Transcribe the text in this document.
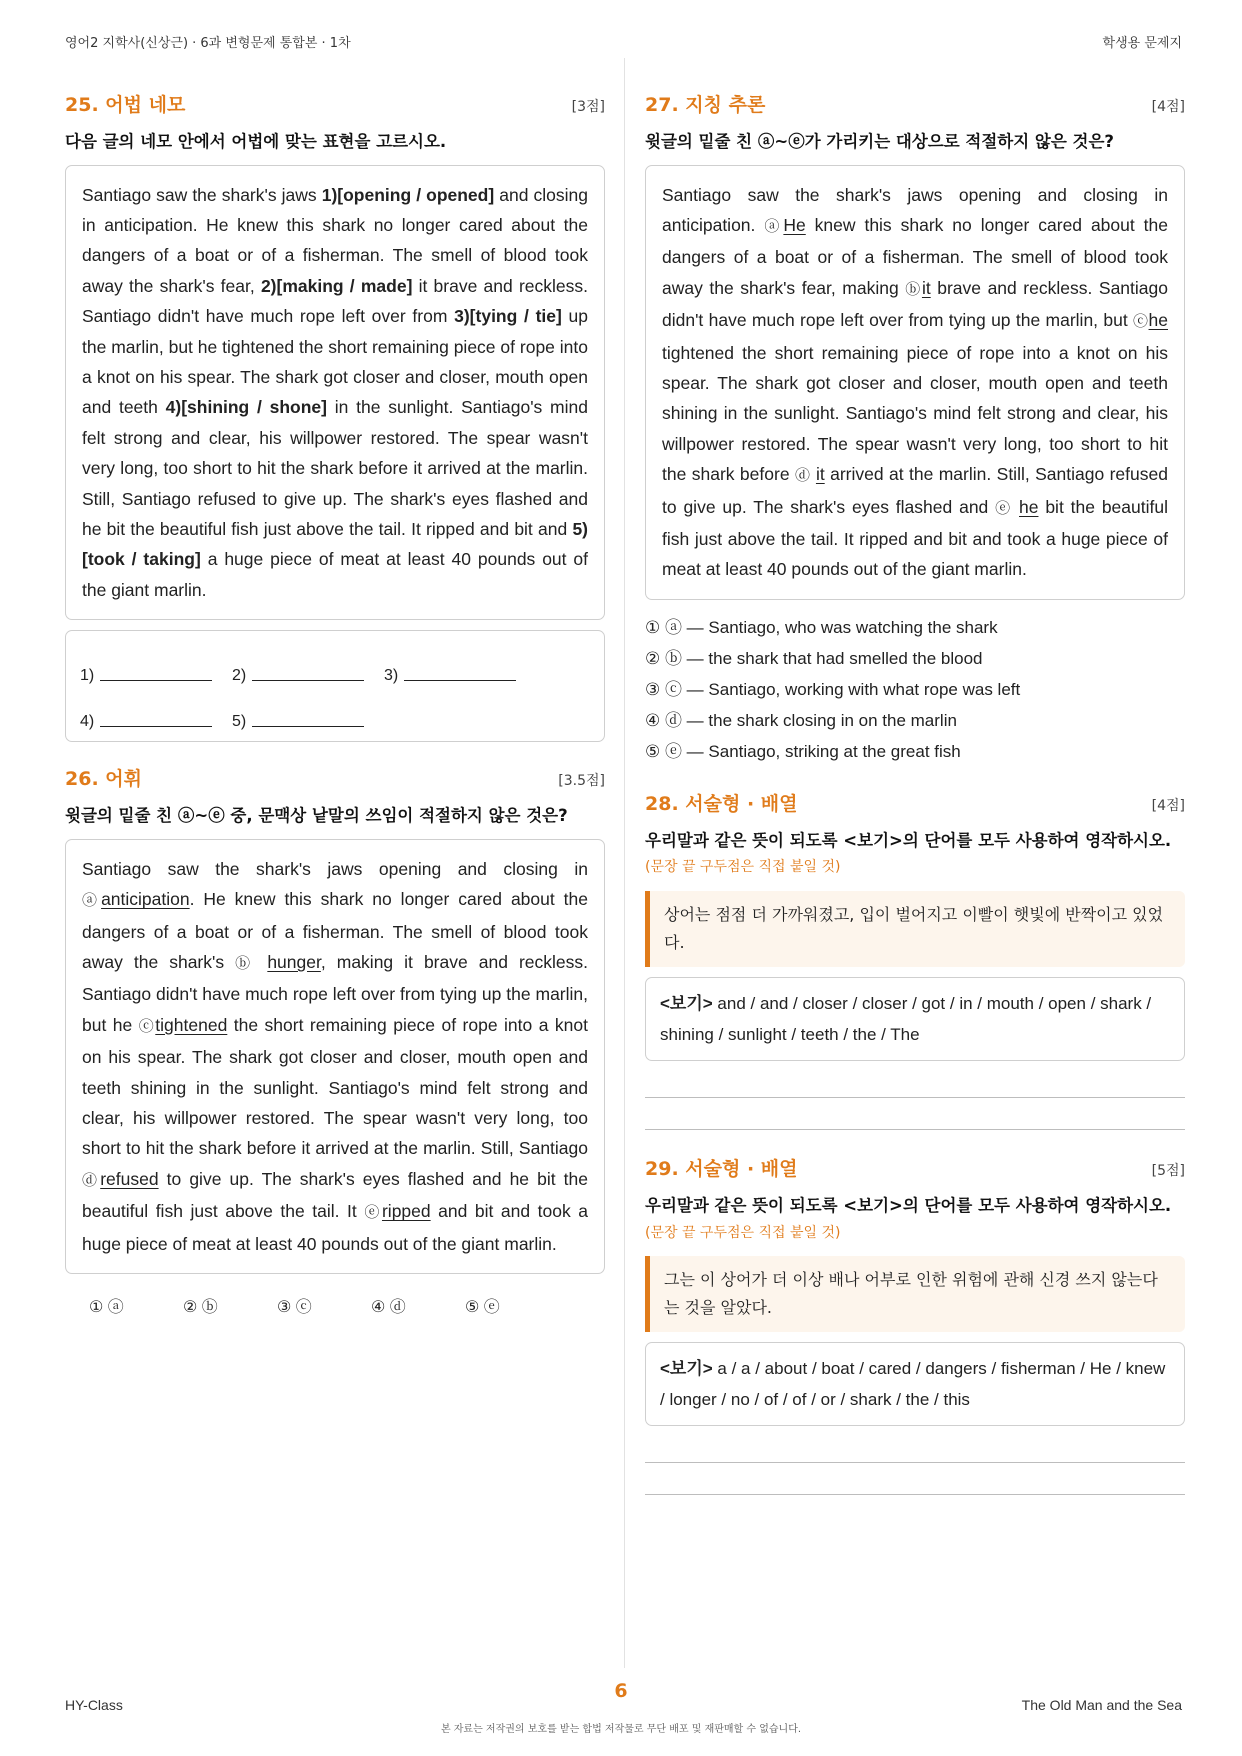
영어2 지학사(신상근) · 6과 변형문제 통합본 · 1차	학생용 문제지
25. 어법 네모	[3점]
다음 글의 네모 안에서 어법에 맞는 표현을 고르시오.
Santiago saw the shark's jaws 1)[opening / opened] and closing in anticipation. He knew this shark no longer cared about the dangers of a boat or of a fisherman. The smell of blood took away the shark's fear, 2)[making / made] it brave and reckless. Santiago didn't have much rope left over from 3)[tying / tie] up the marlin, but he tightened the short remaining piece of rope into a knot on his spear. The shark got closer and closer, mouth open and teeth 4)[shining / shone] in the sunlight. Santiago's mind felt strong and clear, his willpower restored. The spear wasn't very long, too short to hit the shark before it arrived at the marlin. Still, Santiago refused to give up. The shark's eyes flashed and he bit the beautiful fish just above the tail. It ripped and bit and 5) [took / taking] a huge piece of meat at least 40 pounds out of the giant marlin.
1)	2)	3)
4)	5)
26. 어휘	[3.5점]
윗글의 밑줄 친 ⓐ~ⓔ 중, 문맥상 낱말의 쓰임이 적절하지 않은 것은?
Santiago saw the shark's jaws opening and closing in ⓐanticipation. He knew this shark no longer cared about the dangers of a boat or of a fisherman. The smell of blood took away the shark's ⓑ hunger, making it brave and reckless. Santiago didn't have much rope left over from tying up the marlin, but he ⓒtightened the short remaining piece of rope into a knot on his spear. The shark got closer and closer, mouth open and teeth shining in the sunlight. Santiago's mind felt strong and clear, his willpower restored. The spear wasn't very long, too short to hit the shark before it arrived at the marlin. Still, Santiago ⓓrefused to give up. The shark's eyes flashed and he bit the beautiful fish just above the tail. It ⓔripped and bit and took a huge piece of meat at least 40 pounds out of the giant marlin.
① ⓐ	② ⓑ	③ ⓒ	④ ⓓ	⑤ ⓔ
27. 지칭 추론	[4점]
윗글의 밑줄 친 ⓐ~ⓔ가 가리키는 대상으로 적절하지 않은 것은?
Santiago saw the shark's jaws opening and closing in anticipation. ⓐHe knew this shark no longer cared about the dangers of a boat or of a fisherman. The smell of blood took away the shark's fear, making ⓑit brave and reckless. Santiago didn't have much rope left over from tying up the marlin, but ⓒhe tightened the short remaining piece of rope into a knot on his spear. The shark got closer and closer, mouth open and teeth shining in the sunlight. Santiago's mind felt strong and clear, his willpower restored. The spear wasn't very long, too short to hit the shark before ⓓ it arrived at the marlin. Still, Santiago refused to give up. The shark's eyes flashed and ⓔ he bit the beautiful fish just above the tail. It ripped and bit and took a huge piece of meat at least 40 pounds out of the giant marlin.
① ⓐ — Santiago, who was watching the shark
② ⓑ — the shark that had smelled the blood
③ ⓒ — Santiago, working with what rope was left
④ ⓓ — the shark closing in on the marlin
⑤ ⓔ — Santiago, striking at the great fish
28. 서술형 · 배열	[4점]
우리말과 같은 뜻이 되도록 <보기>의 단어를 모두 사용하여 영작하시오. (문장 끝 구두점은 직접 붙일 것)
상어는 점점 더 가까워졌고, 입이 벌어지고 이빨이 햇빛에 반짝이고 있었다.
<보기> and / and / closer / closer / got / in / mouth / open / shark / shining / sunlight / teeth / the / The
29. 서술형 · 배열	[5점]
우리말과 같은 뜻이 되도록 <보기>의 단어를 모두 사용하여 영작하시오. (문장 끝 구두점은 직접 붙일 것)
그는 이 상어가 더 이상 배나 어부로 인한 위험에 관해 신경 쓰지 않는다는 것을 알았다.
<보기> a / a / about / boat / cared / dangers / fisherman / He / knew / longer / no / of / of / or / shark / the / this
HY-Class
6
The Old Man and the Sea
본 자료는 저작권의 보호를 받는 합법 저작물로 무단 배포 및 재판매할 수 없습니다.
